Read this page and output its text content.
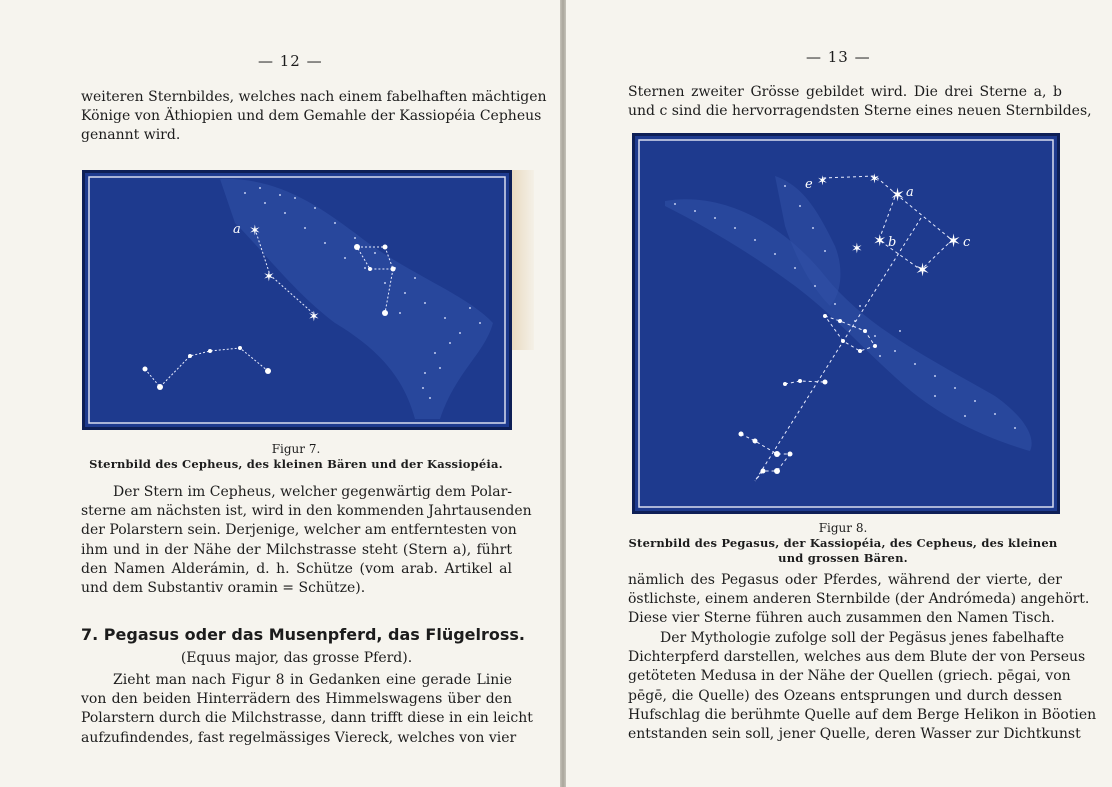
— 12 —
weiteren Sternbildes, welches nach einem fabelhaften mächtigen
Könige von Äthiopien und dem Gemahle der Kassiopéia Cepheus
genannt wird.
✶
✶
✶
a
Figur 7.
Sternbild des Cepheus, des kleinen Bären und der Kassiopéia.
Der Stern im Cepheus, welcher gegenwärtig dem Polar-
sterne am nächsten ist, wird in den kommenden Jahrtausenden
der Polarstern sein. Derjenige, welcher am entferntesten von
ihm und in der Nähe der Milchstrasse steht (Stern a), führt
den Namen Alderámin, d. h. Schütze (vom arab. Artikel al
und dem Substantiv oramin = Schütze).
7. Pegasus oder das Musenpferd, das Flügelross.
(Equus major, das grosse Pferd).
Zieht man nach Figur 8 in Gedanken eine gerade Linie
von den beiden Hinterrädern des Himmelswagens über den
Polarstern durch die Milchstrasse, dann trifft diese in ein leicht
aufzufindendes, fast regelmässiges Viereck, welches von vier
— 13 —
Sternen zweiter Grösse gebildet wird. Die drei Sterne a, b
und c sind die hervorragendsten Sterne eines neuen Sternbildes,
✶
✶
✶
✶
✶
✶	✶
a
b	c
e
Figur 8.
Sternbild des Pegasus, der Kassiopéia, des Cepheus, des kleinen
und grossen Bären.
nämlich des Pegasus oder Pferdes, während der vierte, der
östlichste, einem anderen Sternbilde (der Andrómeda) angehört.
Diese vier Sterne führen auch zusammen den Namen Tisch.
Der Mythologie zufolge soll der Pegäsus jenes fabelhafte
Dichterpferd darstellen, welches aus dem Blute der von Perseus
getöteten Medusa in der Nähe der Quellen (griech. pēgai, von
pēgē, die Quelle) des Ozeans entsprungen und durch dessen
Hufschlag die berühmte Quelle auf dem Berge Helikon in Böotien
entstanden sein soll, jener Quelle, deren Wasser zur Dichtkunst
